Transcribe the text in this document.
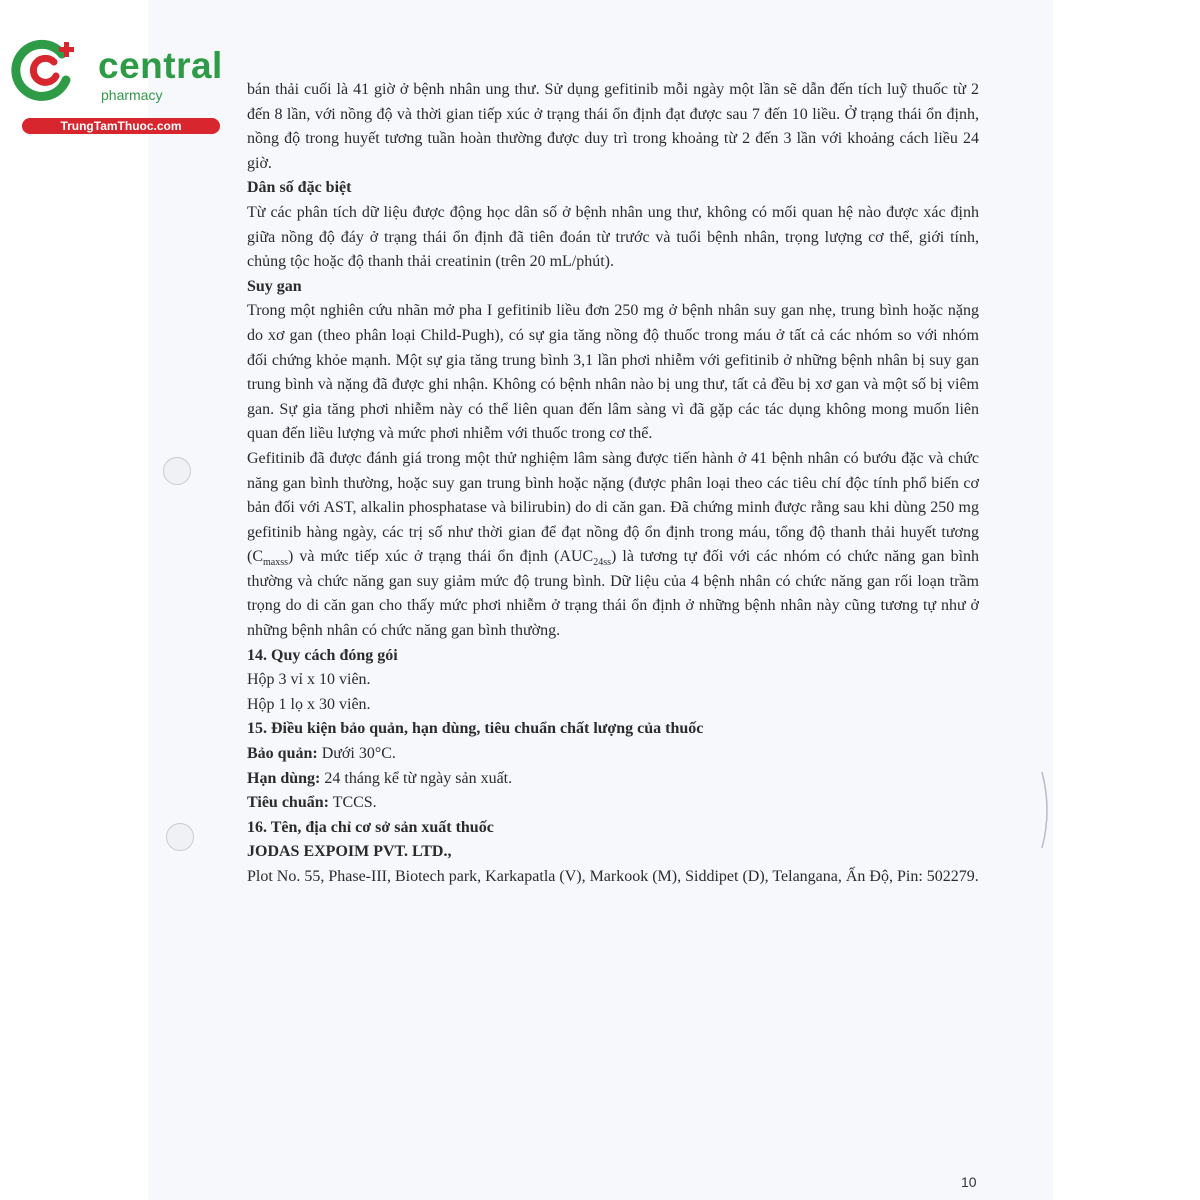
central
pharmacy
TrungTamThuoc.com

bán thải cuối là 41 giờ ở bệnh nhân ung thư. Sử dụng gefitinib mỗi ngày một lần sẽ dẫn đến tích luỹ thuốc từ 2 đến 8 lần, với nồng độ và thời gian tiếp xúc ở trạng thái ổn định đạt được sau 7 đến 10 liều. Ở trạng thái ổn định, nồng độ trong huyết tương tuần hoàn thường được duy trì trong khoảng từ 2 đến 3 lần với khoảng cách liều 24 giờ.

Dân số đặc biệt

Từ các phân tích dữ liệu được động học dân số ở bệnh nhân ung thư, không có mối quan hệ nào được xác định giữa nồng độ đáy ở trạng thái ổn định đã tiên đoán từ trước và tuổi bệnh nhân, trọng lượng cơ thể, giới tính, chủng tộc hoặc độ thanh thải creatinin (trên 20 mL/phút).

Suy gan

Trong một nghiên cứu nhãn mở pha I gefitinib liều đơn 250 mg ở bệnh nhân suy gan nhẹ, trung bình hoặc nặng do xơ gan (theo phân loại Child-Pugh), có sự gia tăng nồng độ thuốc trong máu ở tất cả các nhóm so với nhóm đối chứng khỏe mạnh. Một sự gia tăng trung bình 3,1 lần phơi nhiễm với gefitinib ở những bệnh nhân bị suy gan trung bình và nặng đã được ghi nhận. Không có bệnh nhân nào bị ung thư, tất cả đều bị xơ gan và một số bị viêm gan. Sự gia tăng phơi nhiễm này có thể liên quan đến lâm sàng vì đã gặp các tác dụng không mong muốn liên quan đến liều lượng và mức phơi nhiễm với thuốc trong cơ thể.

Gefitinib đã được đánh giá trong một thử nghiệm lâm sàng được tiến hành ở 41 bệnh nhân có bướu đặc và chức năng gan bình thường, hoặc suy gan trung bình hoặc nặng (được phân loại theo các tiêu chí độc tính phổ biến cơ bản đối với AST, alkalin phosphatase và bilirubin) do di căn gan. Đã chứng minh được rằng sau khi dùng 250 mg gefitinib hàng ngày, các trị số như thời gian để đạt nồng độ ổn định trong máu, tổng độ thanh thải huyết tương $(C_{maxss})$ và mức tiếp xúc ở trạng thái ổn định $(AUC_{24ss})$ là tương tự đối với các nhóm có chức năng gan bình thường và chức năng gan suy giảm mức độ trung bình. Dữ liệu của 4 bệnh nhân có chức năng gan rối loạn trầm trọng do di căn gan cho thấy mức phơi nhiễm ở trạng thái ổn định ở những bệnh nhân này cũng tương tự như ở những bệnh nhân có chức năng gan bình thường.

14. Quy cách đóng gói

Hộp 3 vỉ x 10 viên.

Hộp 1 lọ x 30 viên.

15. Điều kiện bảo quản, hạn dùng, tiêu chuẩn chất lượng của thuốc

Bảo quản: Dưới 30°C.

Hạn dùng: 24 tháng kể từ ngày sản xuất.

Tiêu chuẩn: TCCS.

16. Tên, địa chỉ cơ sở sản xuất thuốc

JODAS EXPOIM PVT. LTD.,

Plot No. 55, Phase-III, Biotech park, Karkapatla (V), Markook (M), Siddipet (D), Telangana, Ấn Độ, Pin: 502279.

10
